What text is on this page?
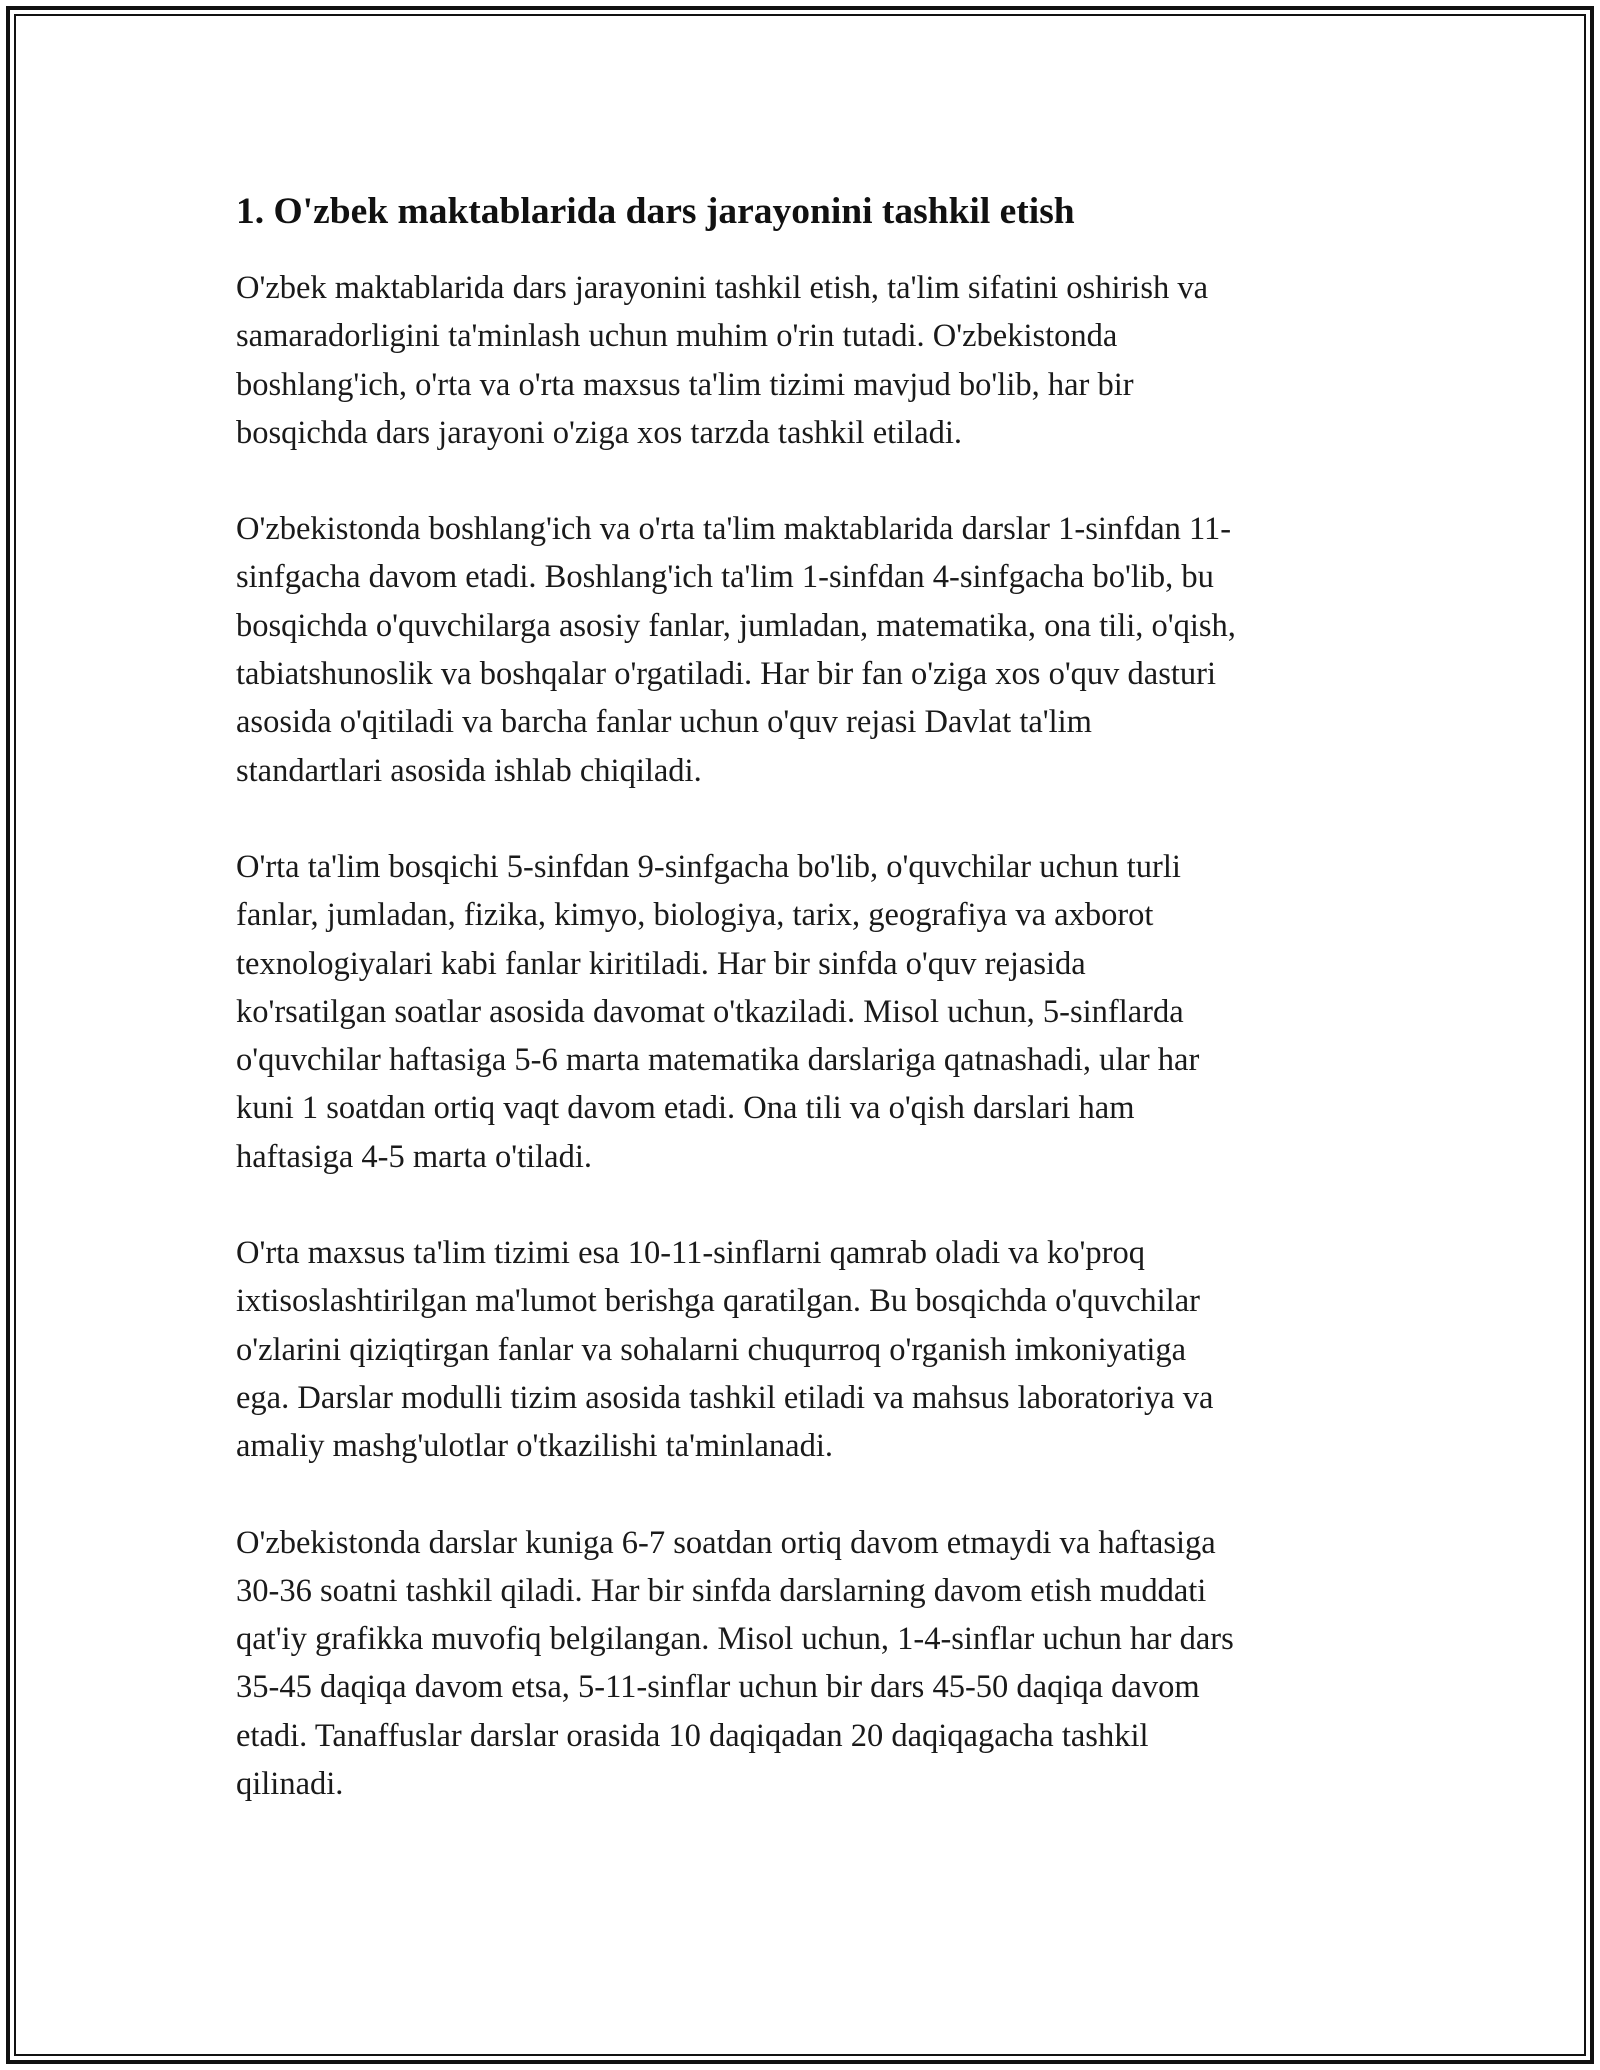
1. O'zbek maktablarida dars jarayonini tashkil etish

O'zbek maktablarida dars jarayonini tashkil etish, ta'lim sifatini oshirish va
samaradorligini ta'minlash uchun muhim o'rin tutadi. O'zbekistonda
boshlang'ich, o'rta va o'rta maxsus ta'lim tizimi mavjud bo'lib, har bir
bosqichda dars jarayoni o'ziga xos tarzda tashkil etiladi.

O'zbekistonda boshlang'ich va o'rta ta'lim maktablarida darslar 1-sinfdan 11-
sinfgacha davom etadi. Boshlang'ich ta'lim 1-sinfdan 4-sinfgacha bo'lib, bu
bosqichda o'quvchilarga asosiy fanlar, jumladan, matematika, ona tili, o'qish,
tabiatshunoslik va boshqalar o'rgatiladi. Har bir fan o'ziga xos o'quv dasturi
asosida o'qitiladi va barcha fanlar uchun o'quv rejasi Davlat ta'lim
standartlari asosida ishlab chiqiladi.

O'rta ta'lim bosqichi 5-sinfdan 9-sinfgacha bo'lib, o'quvchilar uchun turli
fanlar, jumladan, fizika, kimyo, biologiya, tarix, geografiya va axborot
texnologiyalari kabi fanlar kiritiladi. Har bir sinfda o'quv rejasida
ko'rsatilgan soatlar asosida davomat o'tkaziladi. Misol uchun, 5-sinflarda
o'quvchilar haftasiga 5-6 marta matematika darslariga qatnashadi, ular har
kuni 1 soatdan ortiq vaqt davom etadi. Ona tili va o'qish darslari ham
haftasiga 4-5 marta o'tiladi.

O'rta maxsus ta'lim tizimi esa 10-11-sinflarni qamrab oladi va ko'proq
ixtisoslashtirilgan ma'lumot berishga qaratilgan. Bu bosqichda o'quvchilar
o'zlarini qiziqtirgan fanlar va sohalarni chuqurroq o'rganish imkoniyatiga
ega. Darslar modulli tizim asosida tashkil etiladi va mahsus laboratoriya va
amaliy mashg'ulotlar o'tkazilishi ta'minlanadi.

O'zbekistonda darslar kuniga 6-7 soatdan ortiq davom etmaydi va haftasiga
30-36 soatni tashkil qiladi. Har bir sinfda darslarning davom etish muddati
qat'iy grafikka muvofiq belgilangan. Misol uchun, 1-4-sinflar uchun har dars
35-45 daqiqa davom etsa, 5-11-sinflar uchun bir dars 45-50 daqiqa davom
etadi. Tanaffuslar darslar orasida 10 daqiqadan 20 daqiqagacha tashkil
qilinadi.
